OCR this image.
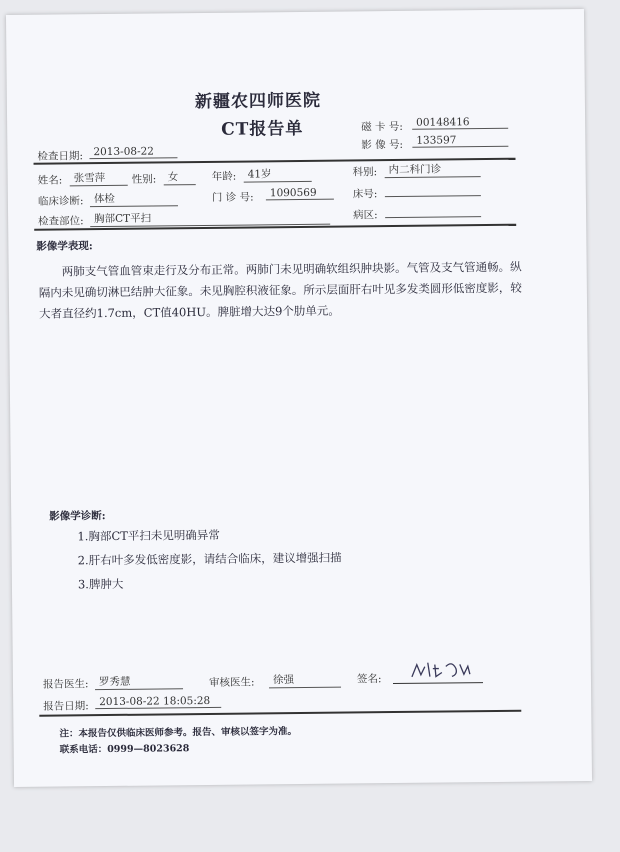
新疆农四师医院
CT报告单	磁 卡 号:	00148416
影 像 号:	133597
检查日期: 2013-08-22
姓名:	张雪萍	性别:	女	年龄:	41岁	科别:	内二科门诊
临床诊断: 体检	门 诊 号:	1090569	床号:
检查部位: 胸部CT平扫	病区:
影像学表现:
两肺支气管血管束走行及分布正常。两肺门未见明确软组织肿块影。气管及支气管通畅。纵隔内未见确切淋巴结肿大征象。未见胸腔积液征象。所示层面肝右叶见多发类圆形低密度影，较大者直径约1.7cm，CT值40HU。脾脏增大达9个肋单元。
影像学诊断:
1.胸部CT平扫未见明确异常
2.肝右叶多发低密度影，请结合临床，建议增强扫描
3.脾肿大
报告医生: 罗秀慧	审核医生:	徐强	签名:
报告日期: 2013-08-22 18:05:28
注：本报告仅供临床医师参考。报告、审核以签字为准。
联系电话：0999—8023628
